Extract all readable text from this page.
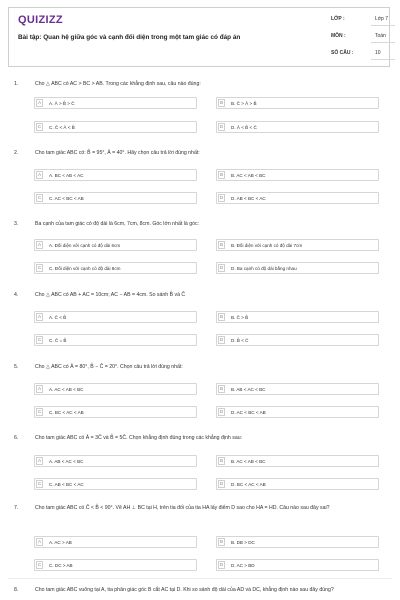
QUIZIZZ
Bài tập: Quan hệ giữa góc và cạnh đối diện trong một tam giác có đáp án
LỚP :	Lớp 7
MÔN :	Toán
SỐ CÂU :	10
1.	Cho △ ABC có AC > BC > AB. Trong các khẳng định sau, câu nào đúng:
A	A. Â > B̂ > Ĉ	B	B. Ĉ > Â > B̂
C	C. Ĉ < Â < B̂	D	D. Â < B̂ < Ĉ
2.	Cho tam giác ABC có: B̂ = 95°, Â = 40°. Hãy chọn câu trả lời đúng nhất:
A	A. BC < AB < AC	B	B. AC < AB < BC
C	C. AC < BC < AB	D	D. AB < BC < AC
3.	Ba cạnh của tam giác có độ dài là 6cm, 7cm, 8cm. Góc lớn nhất là góc:
A	A. Đối diện với cạnh có độ dài 6cm	B	B. Đối diện với cạnh có độ dài 7cm
C	C. Đối diện với cạnh có độ dài 8cm	D	D. Ba cạnh có độ dài bằng nhau
4.	Cho △ ABC có AB + AC = 10cm; AC − AB = 4cm. So sánh B̂ và Ĉ
A	A. Ĉ < B̂	B	B. Ĉ > B̂
C	C. Ĉ = B̂	D	D. B̂ < Ĉ
5.	Cho △ ABC có Â = 80°, B̂ − Ĉ = 20°. Chọn câu trả lời đúng nhất:
A	A. AC < AB < BC	B	B. AB < AC < BC
C	C. BC < AC < AB	D	D. AC < BC < AB
6.	Cho tam giác ABC có Â = 3Ĉ và B̂ = 5Ĉ. Chọn khẳng định đúng trong các khẳng định sau:
A	A. AB < AC < BC	B	B. AC < AB < BC
C	C. AB < BC < AC	D	D. BC < AC < AB
7.	Cho tam giác ABC có Ĉ < B̂ < 90°. Vẽ AH ⊥ BC tại H, trên tia đối của tia HA lấy điểm D sao cho HA = HD. Câu nào sau đây sai?
A	A. AC > AB	B	B. DB > DC
C	C. DC > AB	D	D. AC > BD
8.	Cho tam giác ABC vuông tại A, tia phân giác góc B cắt AC tại D. Khi so sánh độ dài của AD và DC, khẳng định nào sau đây đúng?
